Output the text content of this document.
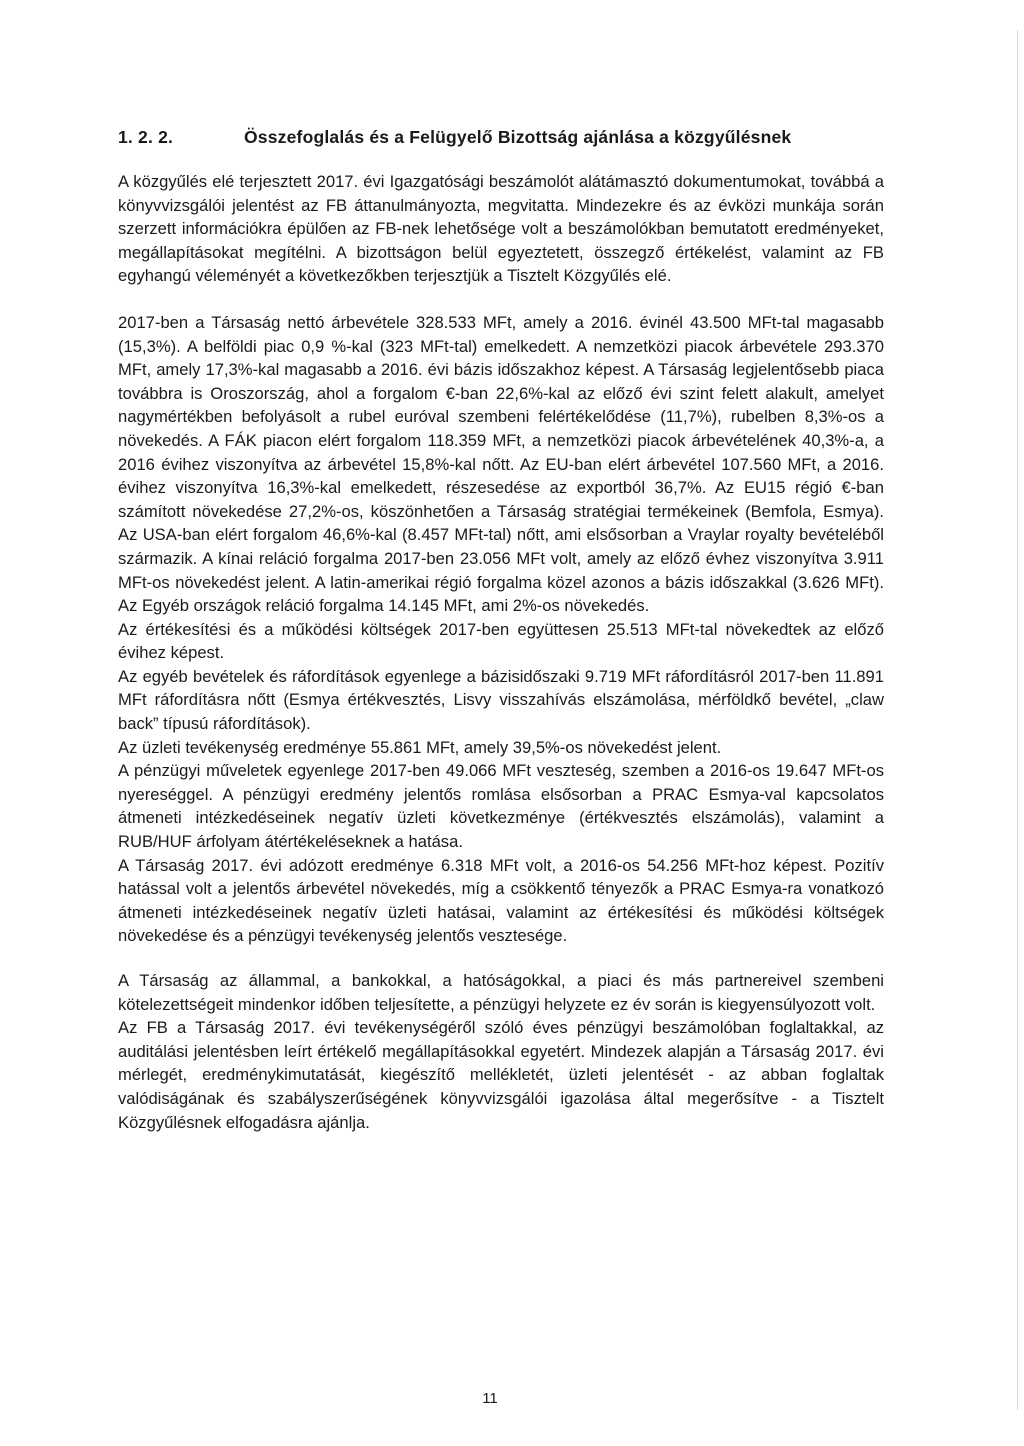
1. 2. 2.	Összefoglalás és a Felügyelő Bizottság ajánlása a közgyűlésnek

A közgyűlés elé terjesztett 2017. évi Igazgatósági beszámolót alátámasztó dokumentumokat, továbbá a könyvvizsgálói jelentést az FB áttanulmányozta, megvitatta. Mindezekre és az évközi munkája során szerzett információkra épülően az FB-nek lehetősége volt a beszámolókban bemutatott eredményeket, megállapításokat megítélni. A bizottságon belül egyeztetett, összegző értékelést, valamint az FB egyhangú véleményét a következőkben terjesztjük a Tisztelt Közgyűlés elé.

2017-ben a Társaság nettó árbevétele 328.533 MFt, amely a 2016. évinél 43.500 MFt-tal magasabb (15,3%). A belföldi piac 0,9 %-kal (323 MFt-tal) emelkedett. A nemzetközi piacok árbevétele 293.370 MFt, amely 17,3%-kal magasabb a 2016. évi bázis időszakhoz képest. A Társaság legjelentősebb piaca továbbra is Oroszország, ahol a forgalom €-ban 22,6%-kal az előző évi szint felett alakult, amelyet nagymértékben befolyásolt a rubel euróval szembeni felértékelődése (11,7%), rubelben 8,3%-os a növekedés. A FÁK piacon elért forgalom 118.359 MFt, a nemzetközi piacok árbevételének 40,3%-a, a 2016 évihez viszonyítva az árbevétel 15,8%-kal nőtt. Az EU-ban elért árbevétel 107.560 MFt, a 2016. évihez viszonyítva 16,3%-kal emelkedett, részesedése az exportból 36,7%. Az EU15 régió €-ban számított növekedése 27,2%-os, köszönhetően a Társaság stratégiai termékeinek (Bemfola, Esmya). Az USA-ban elért forgalom 46,6%-kal (8.457 MFt-tal) nőtt, ami elsősorban a Vraylar royalty bevételéből származik. A kínai reláció forgalma 2017-ben 23.056 MFt volt, amely az előző évhez viszonyítva 3.911 MFt-os növekedést jelent. A latin-amerikai régió forgalma közel azonos a bázis időszakkal (3.626 MFt). Az Egyéb országok reláció forgalma 14.145 MFt, ami 2%-os növekedés.

Az értékesítési és a működési költségek 2017-ben együttesen 25.513 MFt-tal növekedtek az előző évihez képest.

Az egyéb bevételek és ráfordítások egyenlege a bázisidőszaki 9.719 MFt ráfordításról 2017-ben 11.891 MFt ráfordításra nőtt (Esmya értékvesztés, Lisvy visszahívás elszámolása, mérföldkő bevétel, „claw back” típusú ráfordítások).

Az üzleti tevékenység eredménye 55.861 MFt, amely 39,5%-os növekedést jelent.

A pénzügyi műveletek egyenlege 2017-ben 49.066 MFt veszteség, szemben a 2016-os 19.647 MFt-os nyereséggel. A pénzügyi eredmény jelentős romlása elsősorban a PRAC Esmya-val kapcsolatos átmeneti intézkedéseinek negatív üzleti következménye (értékvesztés elszámolás), valamint a RUB/HUF árfolyam átértékeléseknek a hatása.

A Társaság 2017. évi adózott eredménye 6.318 MFt volt, a 2016-os 54.256 MFt-hoz képest. Pozitív hatással volt a jelentős árbevétel növekedés, míg a csökkentő tényezők a PRAC Esmya-ra vonatkozó átmeneti intézkedéseinek negatív üzleti hatásai, valamint az értékesítési és működési költségek növekedése és a pénzügyi tevékenység jelentős vesztesége.

A Társaság az állammal, a bankokkal, a hatóságokkal, a piaci és más partnereivel szembeni kötelezettségeit mindenkor időben teljesítette, a pénzügyi helyzete ez év során is kiegyensúlyozott volt.

Az FB a Társaság 2017. évi tevékenységéről szóló éves pénzügyi beszámolóban foglaltakkal, az auditálási jelentésben leírt értékelő megállapításokkal egyetért. Mindezek alapján a Társaság 2017. évi mérlegét, eredménykimutatását, kiegészítő mellékletét, üzleti jelentését - az abban foglaltak valódiságának és szabályszerűségének könyvvizsgálói igazolása által megerősítve - a Tisztelt Közgyűlésnek elfogadásra ajánlja.

11
